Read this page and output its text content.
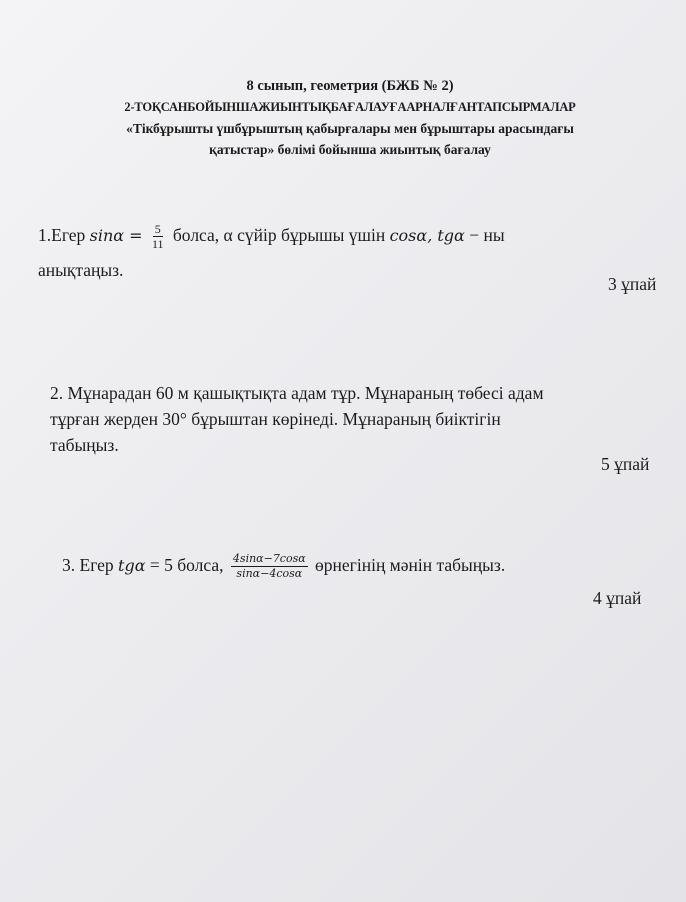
8 сынып, геометрия (БЖБ № 2)
2-ТОҚСАНБОЙЫНШАЖИЫНТЫҚБАҒАЛАУҒААРНАЛҒАНТАПСЫРМАЛАР
«Тікбұрышты үшбұрыштың қабырғалары мен бұрыштары арасындағы
қатыстар» бөлімі бойынша жиынтық бағалау
1.Егер $\sin\alpha = \frac{5}{11}$ болса, α сүйір бұрышы үшін cosα, tgα − ны
анықтаңыз.
3 ұпай
2. Мұнарадан 60 м қашықтықта адам тұр. Мұнараның төбесі адам
тұрған жерден 30° бұрыштан көрінеді. Мұнараның биіктігін
табыңыз.
5 ұпай
3. Егер tgα = 5 болса, $\frac{4\sin\alpha-7\cos\alpha}{\sin\alpha-4\cos\alpha}$ өрнегінің мәнін табыңыз.
4 ұпай
